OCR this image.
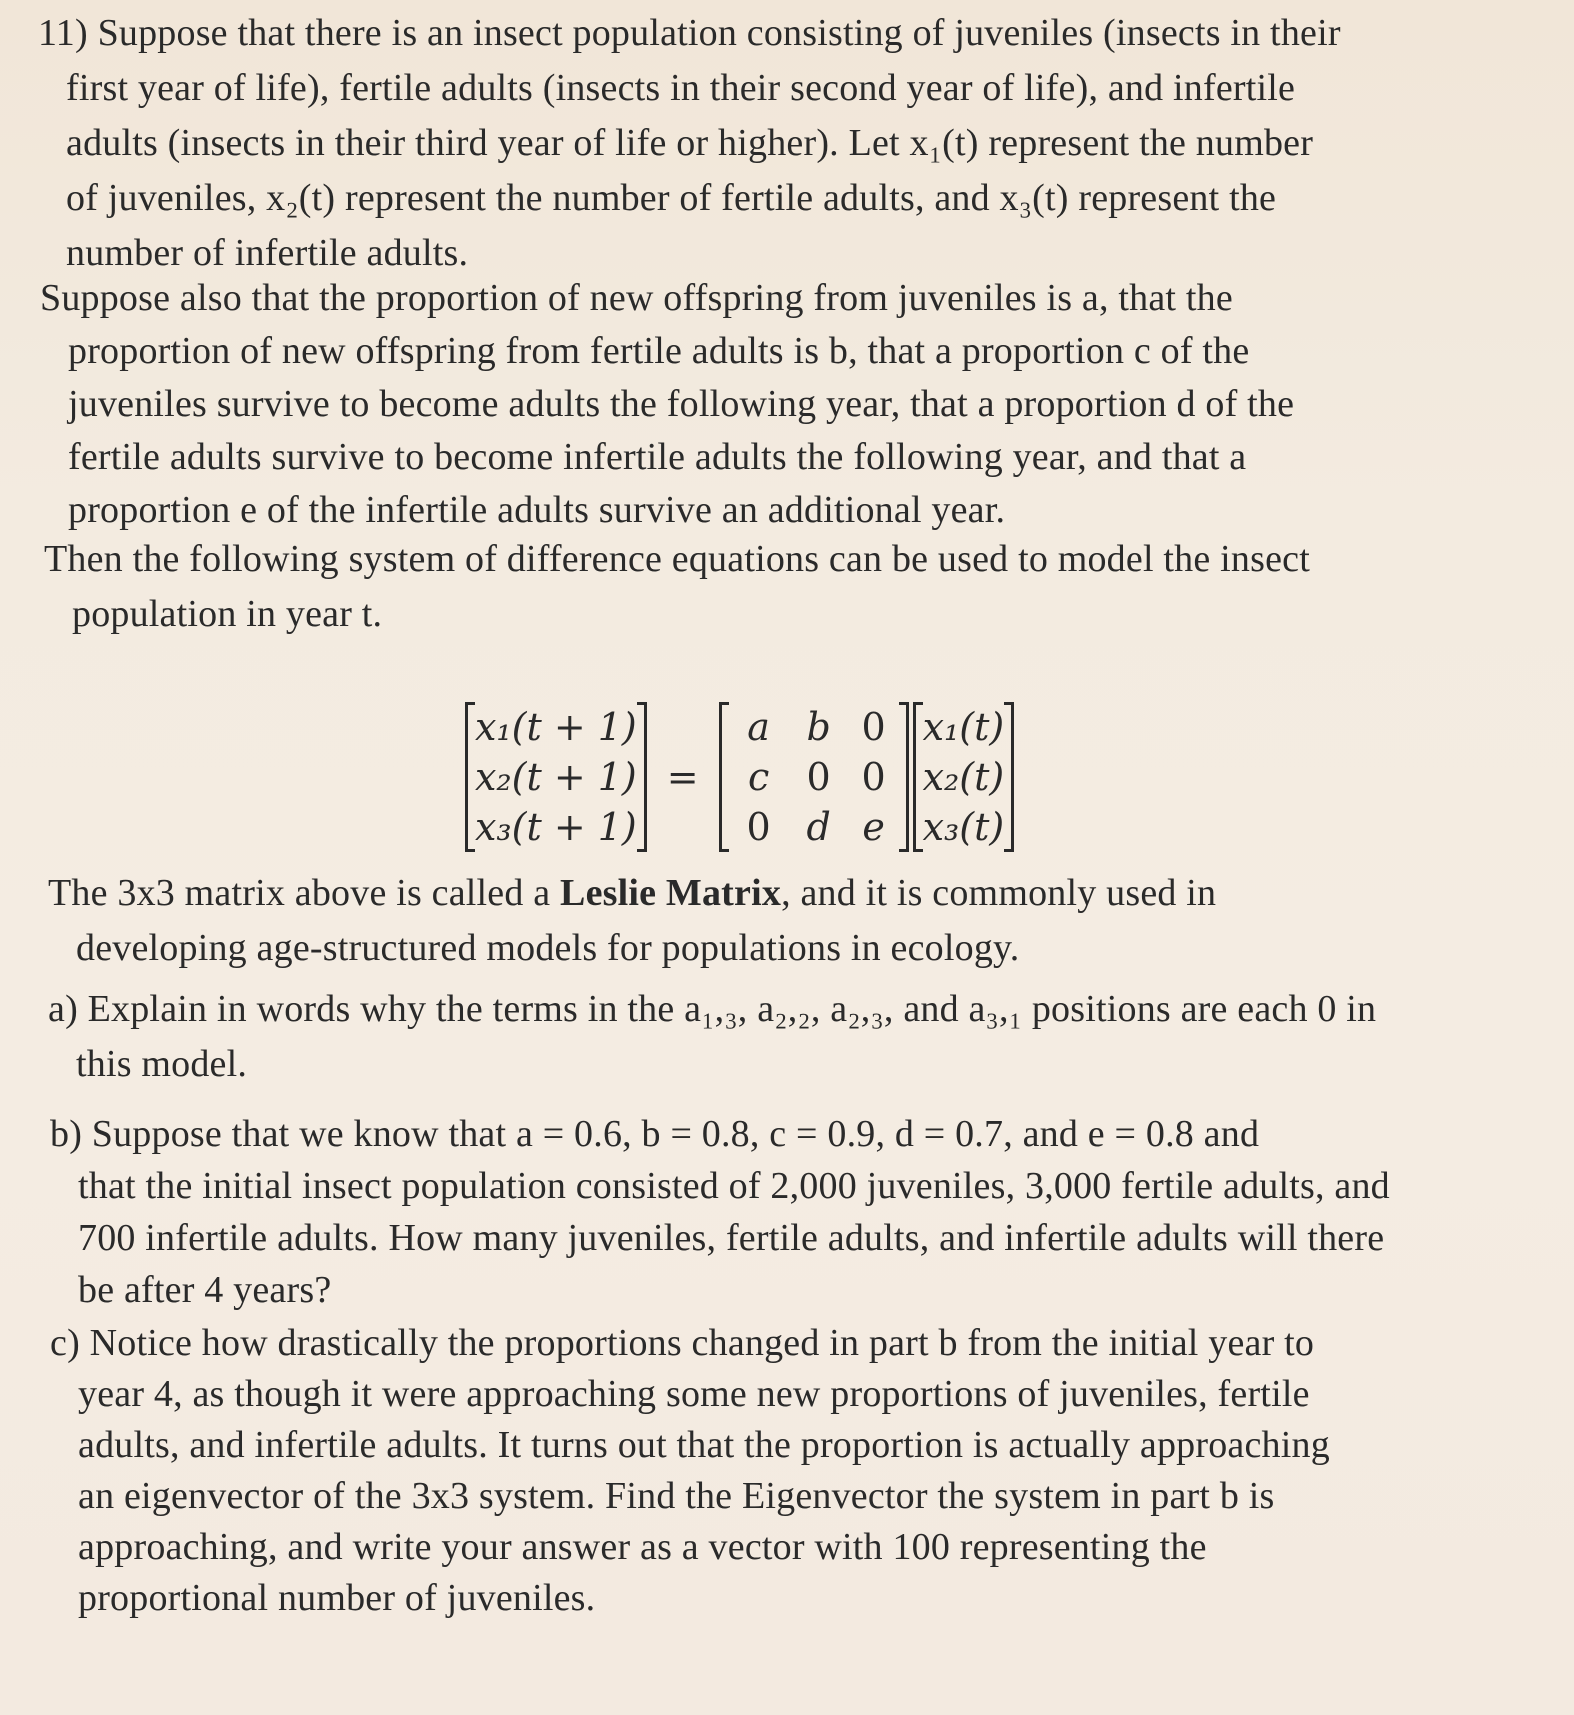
11) Suppose that there is an insect population consisting of juveniles (insects in their
first year of life), fertile adults (insects in their second year of life), and infertile
adults (insects in their third year of life or higher). Let x₁(t) represent the number
of juveniles, x₂(t) represent the number of fertile adults, and x₃(t) represent the
number of infertile adults.
Suppose also that the proportion of new offspring from juveniles is a, that the
proportion of new offspring from fertile adults is b, that a proportion c of the
juveniles survive to become adults the following year, that a proportion d of the
fertile adults survive to become infertile adults the following year, and that a
proportion e of the infertile adults survive an additional year.
Then the following system of difference equations can be used to model the insect
population in year t.
x₁(t + 1)
x₂(t + 1)
x₃(t + 1)
=
a b 0
c 0 0
0 d e
x₁(t)
x₂(t)
x₃(t)
The 3x3 matrix above is called a Leslie Matrix, and it is commonly used in
developing age-structured models for populations in ecology.
a) Explain in words why the terms in the a₁,₃, a₂,₂, a₂,₃, and a₃,₁ positions are each 0 in
this model.
b) Suppose that we know that a = 0.6, b = 0.8, c = 0.9, d = 0.7, and e = 0.8 and
that the initial insect population consisted of 2,000 juveniles, 3,000 fertile adults, and
700 infertile adults. How many juveniles, fertile adults, and infertile adults will there
be after 4 years?
c) Notice how drastically the proportions changed in part b from the initial year to
year 4, as though it were approaching some new proportions of juveniles, fertile
adults, and infertile adults. It turns out that the proportion is actually approaching
an eigenvector of the 3x3 system. Find the Eigenvector the system in part b is
approaching, and write your answer as a vector with 100 representing the
proportional number of juveniles.
